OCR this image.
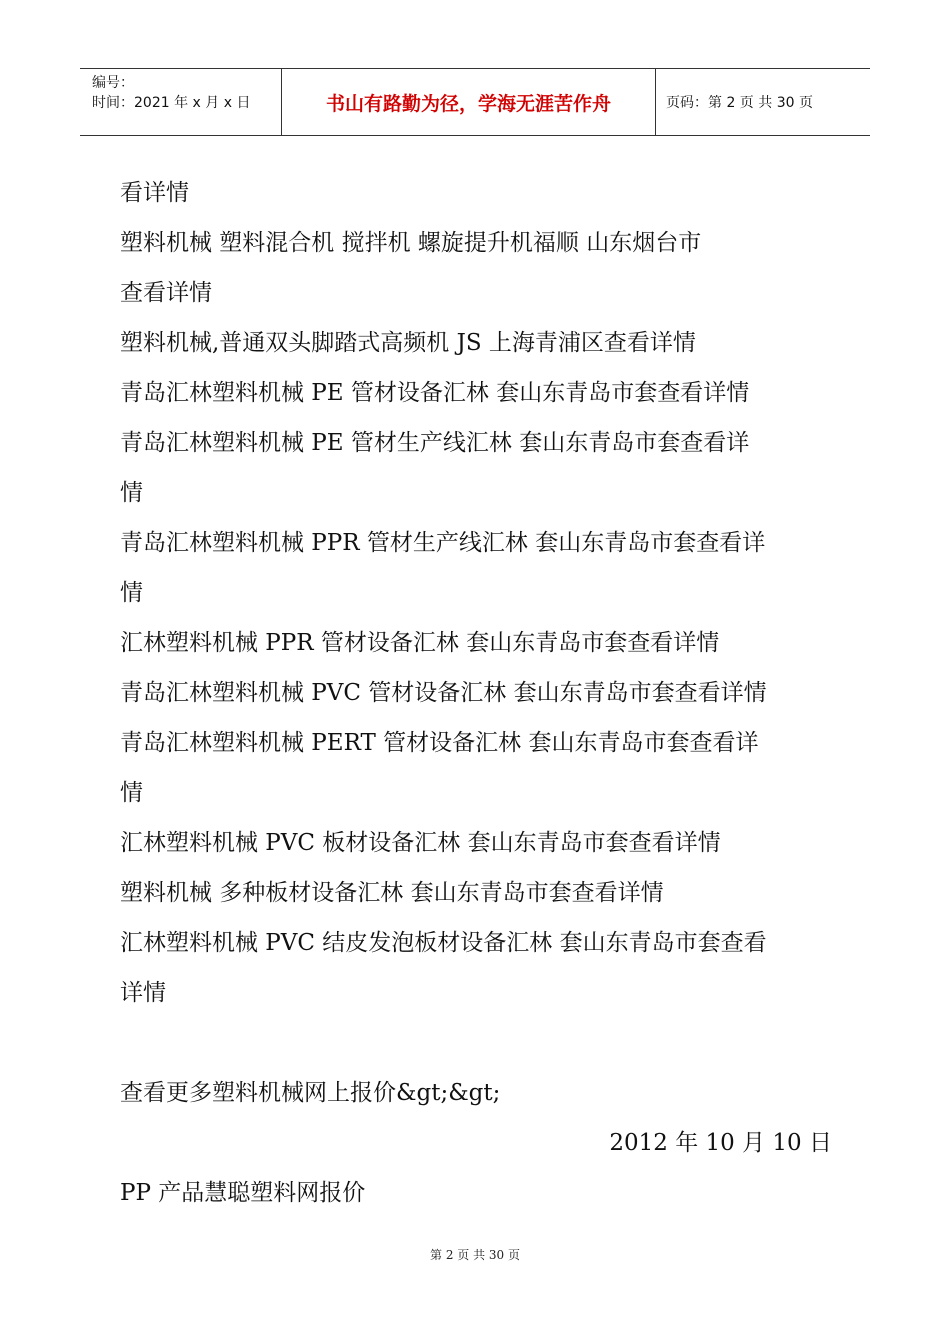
编号：
时间：2021 年 x 月 x 日	书山有路勤为径，学海无涯苦作舟	页码：第 2 页 共 30 页
看详情
塑料机械 塑料混合机 搅拌机 螺旋提升机福顺 山东烟台市
查看详情
塑料机械,普通双头脚踏式高频机 JS 上海青浦区查看详情
青岛汇林塑料机械 PE 管材设备汇林 套山东青岛市套查看详情
青岛汇林塑料机械 PE 管材生产线汇林 套山东青岛市套查看详
情
青岛汇林塑料机械 PPR 管材生产线汇林 套山东青岛市套查看详
情
汇林塑料机械 PPR 管材设备汇林 套山东青岛市套查看详情
青岛汇林塑料机械 PVC 管材设备汇林 套山东青岛市套查看详情
青岛汇林塑料机械 PERT 管材设备汇林 套山东青岛市套查看详
情
汇林塑料机械 PVC 板材设备汇林 套山东青岛市套查看详情
塑料机械 多种板材设备汇林 套山东青岛市套查看详情
汇林塑料机械 PVC 结皮发泡板材设备汇林 套山东青岛市套查看
详情
查看更多塑料机械网上报价&gt;&gt;
2012 年 10 月 10 日
PP 产品慧聪塑料网报价
第 2 页 共 30 页
